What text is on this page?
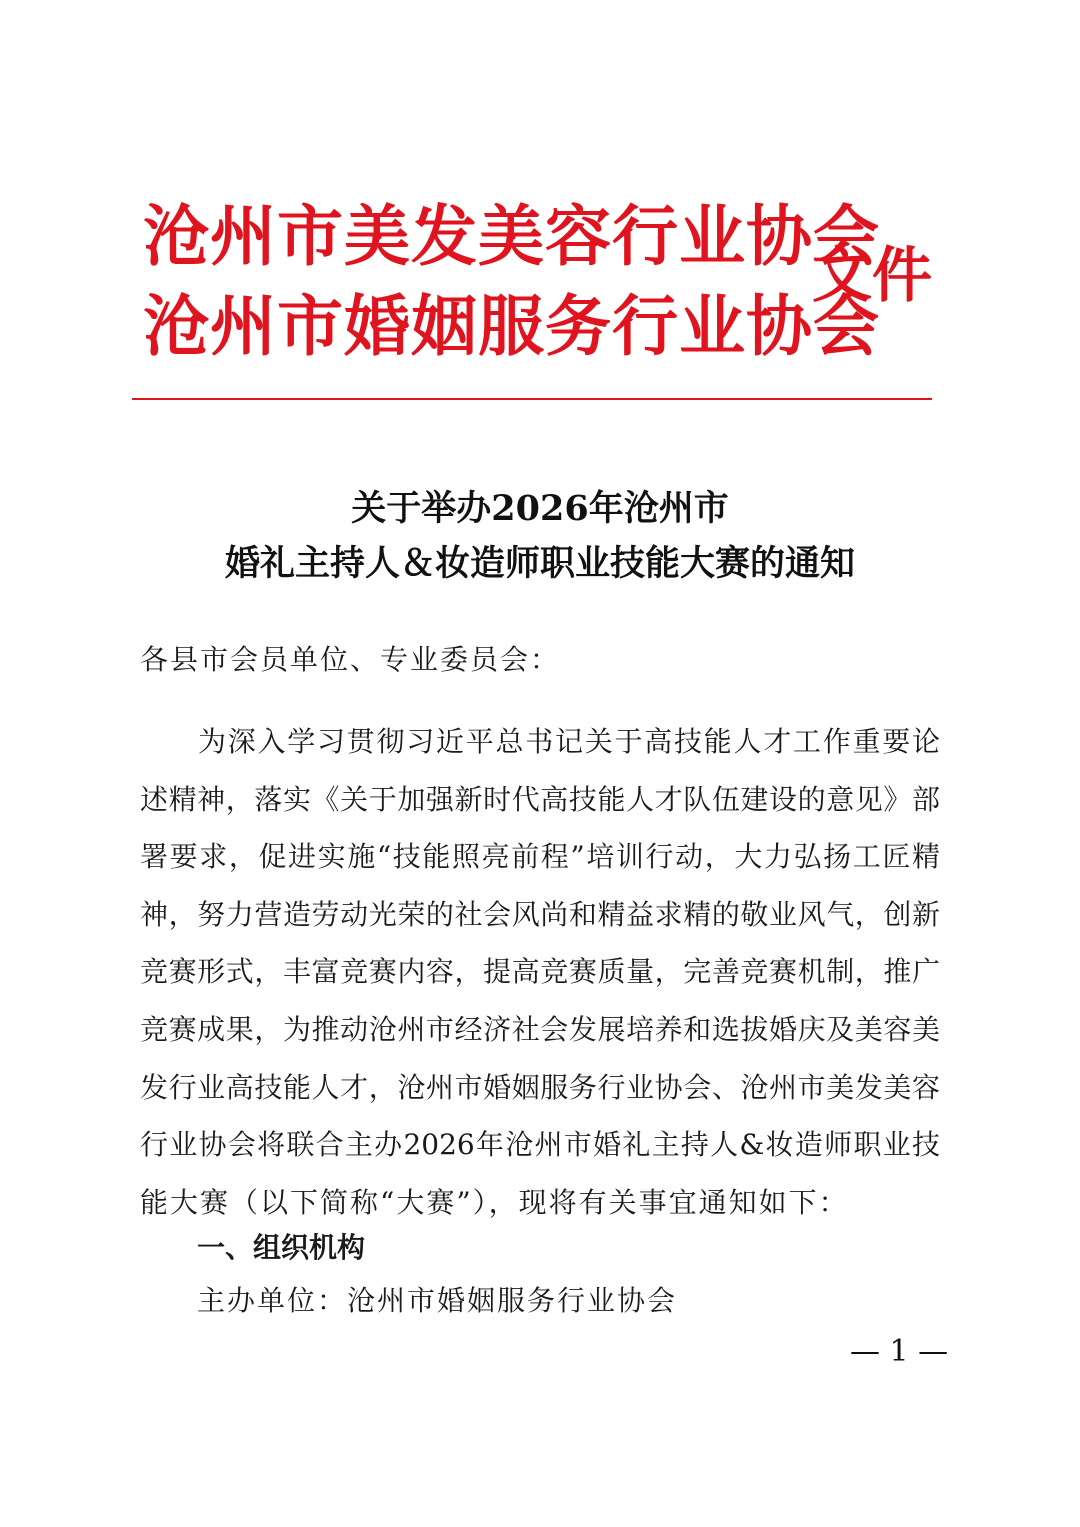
沧州市美发美容行业协会
沧州市婚姻服务行业协会
文件
关于举办2026年沧州市
婚礼主持人＆妆造师职业技能大赛的通知
各县市会员单位、专业委员会：
为深入学习贯彻习近平总书记关于高技能人才工作重要论
述精神，落实《关于加强新时代高技能人才队伍建设的意见》部
署要求，促进实施“技能照亮前程”培训行动，大力弘扬工匠精
神，努力营造劳动光荣的社会风尚和精益求精的敬业风气，创新
竞赛形式，丰富竞赛内容，提高竞赛质量，完善竞赛机制，推广
竞赛成果，为推动沧州市经济社会发展培养和选拔婚庆及美容美
发行业高技能人才，沧州市婚姻服务行业协会、沧州市美发美容
行业协会将联合主办2026年沧州市婚礼主持人&妆造师职业技
能大赛（以下简称“大赛”），现将有关事宜通知如下：
一、组织机构
主办单位：沧州市婚姻服务行业协会
— 1 —
